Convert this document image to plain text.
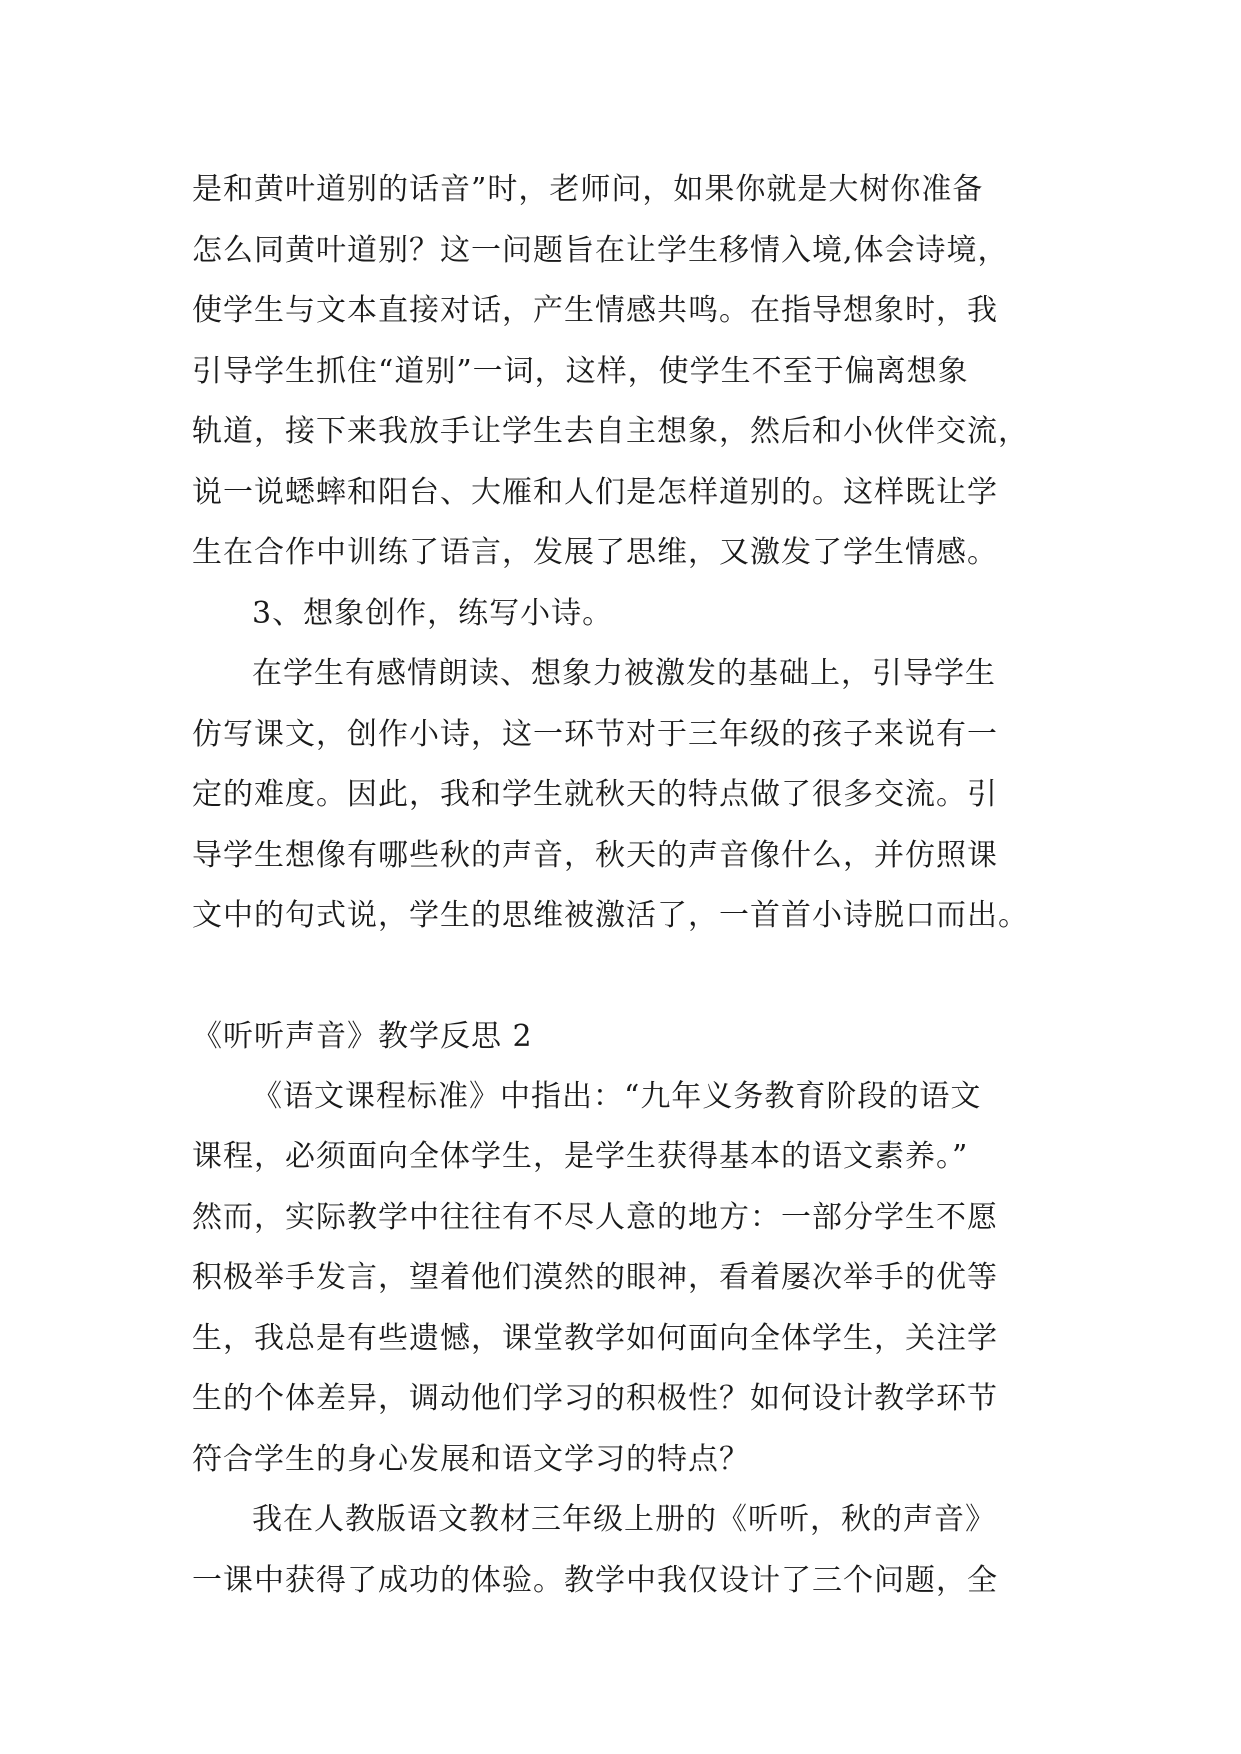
是和黄叶道别的话音”时，老师问，如果你就是大树你准备
怎么同黄叶道别？这一问题旨在让学生移情入境,体会诗境，
使学生与文本直接对话，产生情感共鸣。在指导想象时，我
引导学生抓住“道别”一词，这样，使学生不至于偏离想象
轨道，接下来我放手让学生去自主想象，然后和小伙伴交流，
说一说蟋蟀和阳台、大雁和人们是怎样道别的。这样既让学
生在合作中训练了语言，发展了思维，又激发了学生情感。
3、想象创作，练写小诗。
在学生有感情朗读、想象力被激发的基础上，引导学生
仿写课文，创作小诗，这一环节对于三年级的孩子来说有一
定的难度。因此，我和学生就秋天的特点做了很多交流。引
导学生想像有哪些秋的声音，秋天的声音像什么，并仿照课
文中的句式说，学生的思维被激活了，一首首小诗脱口而出。
《听听声音》教学反思 2
《语文课程标准》中指出：“九年义务教育阶段的语文
课程，必须面向全体学生，是学生获得基本的语文素养。”
然而，实际教学中往往有不尽人意的地方：一部分学生不愿
积极举手发言，望着他们漠然的眼神，看着屡次举手的优等
生，我总是有些遗憾，课堂教学如何面向全体学生，关注学
生的个体差异，调动他们学习的积极性？如何设计教学环节
符合学生的身心发展和语文学习的特点？
我在人教版语文教材三年级上册的《听听，秋的声音》
一课中获得了成功的体验。教学中我仅设计了三个问题，全
